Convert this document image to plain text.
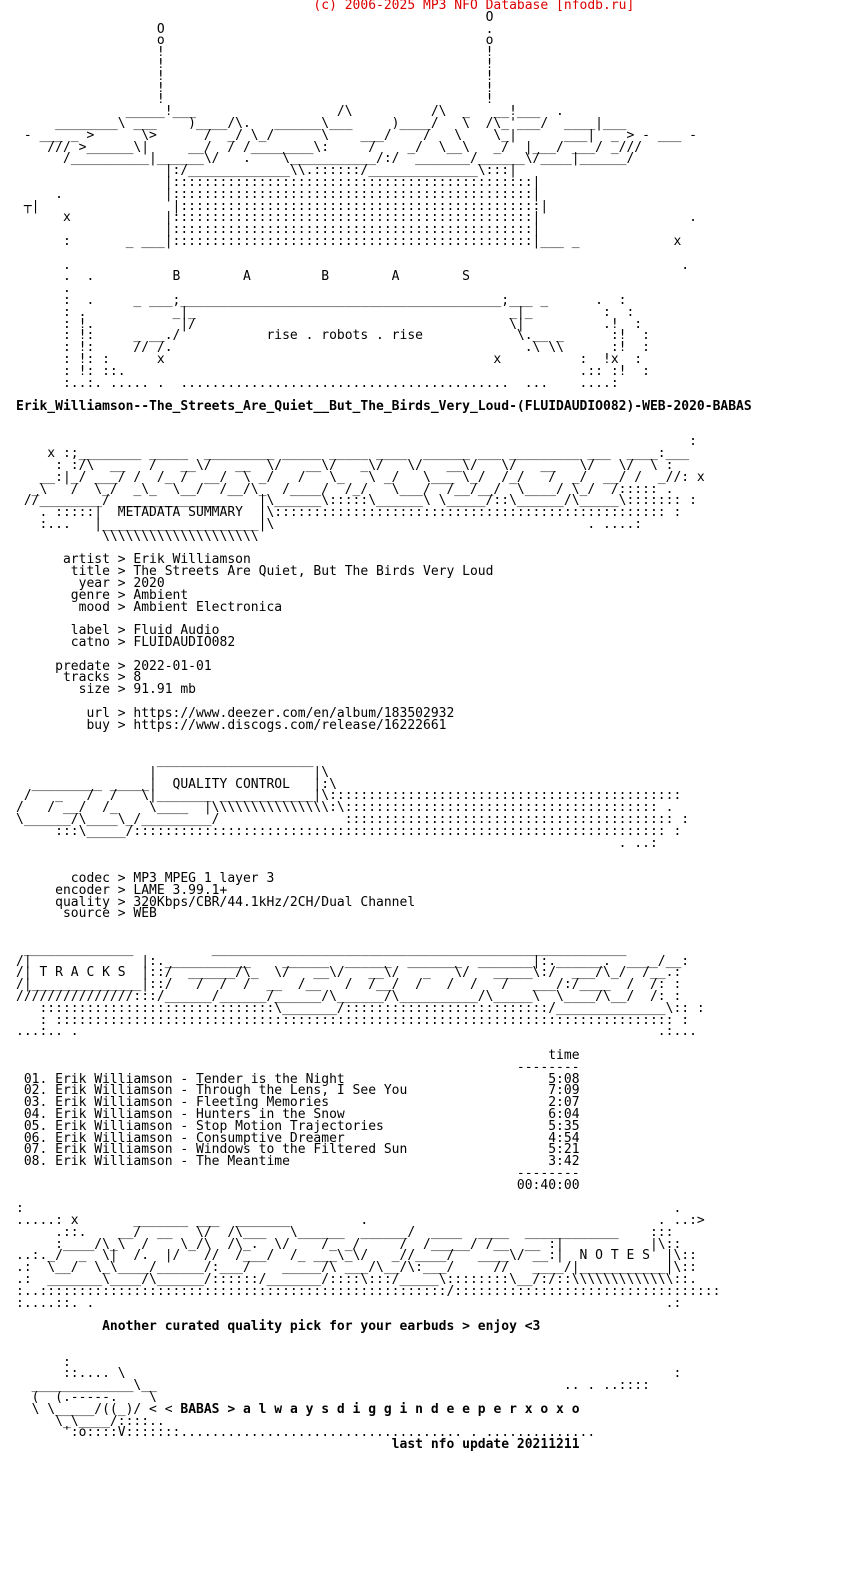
(c) 2006-2025 MP3 NFO Database [nfodb.ru]
O
O                                         .
o                                         o
!                                         !
!                                         !
!                                         !
!                                         !
!                                         !
_____!___                  /\          /\  _   __!___  .
________\ ___    )____/\.   ______\___     )____/   \  /\_'___/  ____|___
- ___ _ >      \>      /  _/ \_/      \    ___/    /   \    \_|      ___|  _ > - ___ -
/// >______\|     __/  / /________\:     /    _/  \__\   _/  |___/ ___/ _///
/__________|______\/   .    \___________/:/  _______/______\/____|______/
|:/_____________\\.::::::/______________\:::|
|::::::::::::::::::::::::::::::::::::::::::::::|
.             |::::::::::::::::::::::::::::::::::::::::::::::|
┬|                 |::::::::::::::::::::::::::::::::::::::::::::::|
x            |::::::::::::::::::::::::::::::::::::::::::::::|                   .
|::::::::::::::::::::::::::::::::::::::::::::::|
:       _ ___|::::::::::::::::::::::::::::::::::::::::::::::|___ _            x

.                                                                              .
.  .          B        A         B        A        S
.
:  .     _ ___;_________________________________________;___ _      .  :
: .           _|_                                        _|_         :  :
: !.           |/                                        \|          .!  :
: !:     _ __./           rise . robots . rise            \.__ _      :!  :
: !:     // /.                                             .\ \\      :!  :
: !: :      x                                          x          :  !x  :
: !: ::.                                                          .:: :!  :
:..:. ..... .  ..........................................  ...    ....:

Erik_Williamson--The_Streets_Are_Quiet__But_The_Birds_Very_Loud-(FLUIDAUDIO082)-WEB-2020-BABAS

:
x :;________ _____  _________ _____ _____ ____  ______ ___ _________ ___  ____:___
: :/\  __   /   __\/   __  \/   __\/   _\/   \/   __\/   \/   __   \/   \/  \ :
__:|_/ ___/ /  /_ /  __/  \ _/   /   \_   \ _/   \___ \_/  /_/   /  _/  __/ /  _//: x
_\   /  \_/  _\_  \__/  /__/\_  /____/  /_/   \___/  /__/__/  \____/ \_/  /::::: .
//________/ ______________    |\______\:::::\______\ \_____/::\______/\_____\::::::: :
. :::::|  METADATA SUMMARY  |\:::::::::::::::::::::::::::::::::::::::::::::::::: :
:...   |____________________|\                                        . ....:
\\\\\\\\\\\\\\\\\\\\

artist > Erik Williamson
title > The Streets Are Quiet, But The Birds Very Loud
year > 2020
genre > Ambient
mood > Ambient Electronica

label > Fluid Audio
catno > FLUIDAUDIO082

predate > 2022-01-01
tracks > 8
size > 91.91 mb

url > https://www.deezer.com/en/album/183502932
buy > https://www.discogs.com/release/16222661

____________________
|                    |\
_________ _____|  QUALITY CONTROL   |:\
/   _   /  /   \|_______ ____________|\:::::::::::::::::::::::::::::::::::::::::::::
/   / __/  /_    \____  |\\\\\\\\\\\\\\\:\:::::::::::::::::::::::::::::::::::::::: .
\______/\____\_/_________/                :::::::::::::::::::::::::::::::::::::::::: :
:::\_____/:::::::::::::::::::::::::::::::::::::::::::::::::::::::::::::::::::: :
. ..:

codec > MP3 MPEG 1 layer 3
encoder > LAME 3.99.1+
quality > 320Kbps/CBR/44.1kHz/2CH/Dual Channel
source > WEB

______________          _____________________________________________________
/|              |:.___________    ______  ______  _______  _______|:.______.  ____/__:
/| T R A C K S  |::/  ______/\_  \/   __\/   __\/   _   \/   _____\:/  ___/\_/  /__.:
/|______________|::/   /  /  /  __  /__   /  /__/  /   /  /   /   ___/:/____  /  /: :
///////////////:::/______/______/______/\______/\__________/\_____\  \____/\__/  /: :
::::::::::::::::::::::::::::::\_______/::::::::::::::::::::::::::/______________\:: :
: ::::::::::::::::::::::::::::::::::::::::::::::::::::::::::::::::::::::::::::::: :
...:.. .                                                                          .:...

time
--------
01. Erik Williamson - Tender is the Night                          5:08
02. Erik Williamson - Through the Lens, I See You                  7:09
03. Erik Williamson - Fleeting Memories                            2:07
04. Erik Williamson - Hunters in the Snow                          6:04
05. Erik Williamson - Stop Motion Trajectories                     5:35
06. Erik Williamson - Consumptive Dreamer                          4:54
07. Erik Williamson - Windows to the Filtered Sun                  5:21
08. Erik Williamson - The Meantime                                 3:42
--------
00:40:00

:                                                                                   .
.....: x       _______ ___  _______         .                                     . ..:>
.::.    __/  __   \/  /\___   \______  ______/  ____  ____  ____________    :::
:____/\_\  /    \_/\  /\_.  \/    /_ _/     /  /_____/ /__  __ :|           |\::
..:._/  _  \|  /.  |/   //  /___/  /_ ___\_\/   _//____/   ____\/ __:|  N O T E S  |\::
.:  \__/  \_\____/______/:___/    _____/\ ___/\__/\:___/     //   ____/|___________|\::
.:  _______\____/\______/::::::/_______/::::\:::/_____\::::::::\__/:/::\\\\\\\\\\\\\::.
:..::::::::::::::::::::::::::::::::::::::::::::::::::::/::::::::::::::::::::::::::::::::::
:....::. .                                                                         .:

Another curated quality pick for your earbuds > enjoy <3

:
::.... \                                                                      :
_____________\__                                                    .. . ..::::
(  (.-----.    \
\ \_____/((_)/ < < BABAS > a l w a y s d i g g i n d e e p e r x o x o
\_\____/::::..
':o::::V:::::::.................................... . ..............
last nfo update 20211211
